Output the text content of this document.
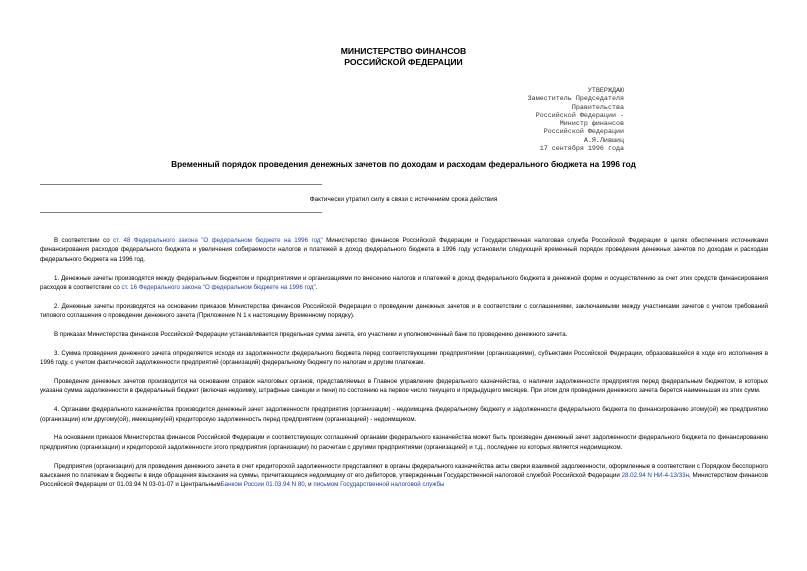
МИНИСТЕРСТВО ФИНАНСОВ
РОССИЙСКОЙ ФЕДЕРАЦИИ
УТВЕРЖДАЮ
Заместитель Председателя
Правительства
Российской Федерации -
Министр финансов
Российской Федерации
А.Я.Лившиц
17 сентября 1996 года
Временный порядок проведения денежных зачетов по доходам и расходам федерального бюджета на 1996 год
Фактически утратил силу в связи с истечением срока действия

В соответствии со ст. 48 Федерального закона "О федеральном бюджете на 1996 год" Министерство финансов Российской Федерации и Государственная налоговая служба Российской Федерации в целях обеспечения источниками финансирования расходов федерального бюджета и увеличения собираемости налогов и платежей в доход федерального бюджета в 1996 году установили следующий временный порядок проведения денежных зачетов по доходам и расходам федерального бюджета на 1996 год.

1. Денежные зачеты производятся между федеральным бюджетом и предприятиями и организациями по внесению налогов и платежей в доход федерального бюджета в денежной форме и осуществлению за счет этих средств финансирования расходов в соответствии со ст. 16 Федерального закона "О федеральном бюджете на 1996 год".

2. Денежные зачеты производятся на основании приказов Министерства финансов Российской Федерации о проведении денежных зачетов и в соответствии с соглашениями, заключаемыми между участниками зачетов с учетом требований типового соглашения о проведении денежного зачета (Приложение N 1 к настоящему Временному порядку).

В приказах Министерства финансов Российской Федерации устанавливается предельная сумма зачета, его участники и уполномоченный банк по проведению денежного зачета.

3. Сумма проведения денежного зачета определяется исходя из задолженности федерального бюджета перед соответствующими предприятиями (организациями), субъектами Российской Федерации, образовавшейся в ходе его исполнения в 1996 году, с учетом фактической задолженности предприятий (организаций) федеральному бюджету по налогам и другим платежам.

Проведение денежных зачетов производится на основании справок налоговых органов, представляемых в Главное управление федерального казначейства, о наличии задолженности предприятия перед федеральным бюджетом, в которых указана сумма задолженности в федеральный бюджет (включая недоимку, штрафные санкции и пени) по состоянию на первое число текущего и предыдущего месяцев. При этом для проведения денежного зачета берется наименьшая из этих сумм.

4. Органами федерального казначейства производится денежный зачет задолженности предприятия (организации) - недоимщика федеральному бюджету и задолженности федерального бюджета по финансированию этому(ой) же предприятию (организации) или другому(ой), имеющему(ей) кредиторскую задолженность перед предприятием (организацией) - недоимщиком.

На основании приказов Министерства финансов Российской Федерации и соответствующих соглашений органами федерального казначейства может быть произведен денежный зачет задолженности федерального бюджета по финансированию предприятию (организации) и кредиторской задолженности этого предприятия (организации) по расчетам с другими предприятиями (организацией) и т.д., последнее из которых является недоимщиком.

Предприятия (организации) для проведения денежного зачета в счет кредиторской задолженности представляют в органы федерального казначейства акты сверки взаимной задолженности, оформленные в соответствии с Порядком бесспорного взыскания по платежам в бюджеты в виде обращения взыскания на суммы, причитающиеся недоимщику от его дебиторов, утвержденным Государственной налоговой службой Российской Федерации 28.02.94 N НИ-4-13/33н, Министерством финансов Российской Федерации от 01.03.94 N 03-01-07 и ЦентральнымБанком России 01.03.94 N 80, и письмом Государственной налоговой службы
